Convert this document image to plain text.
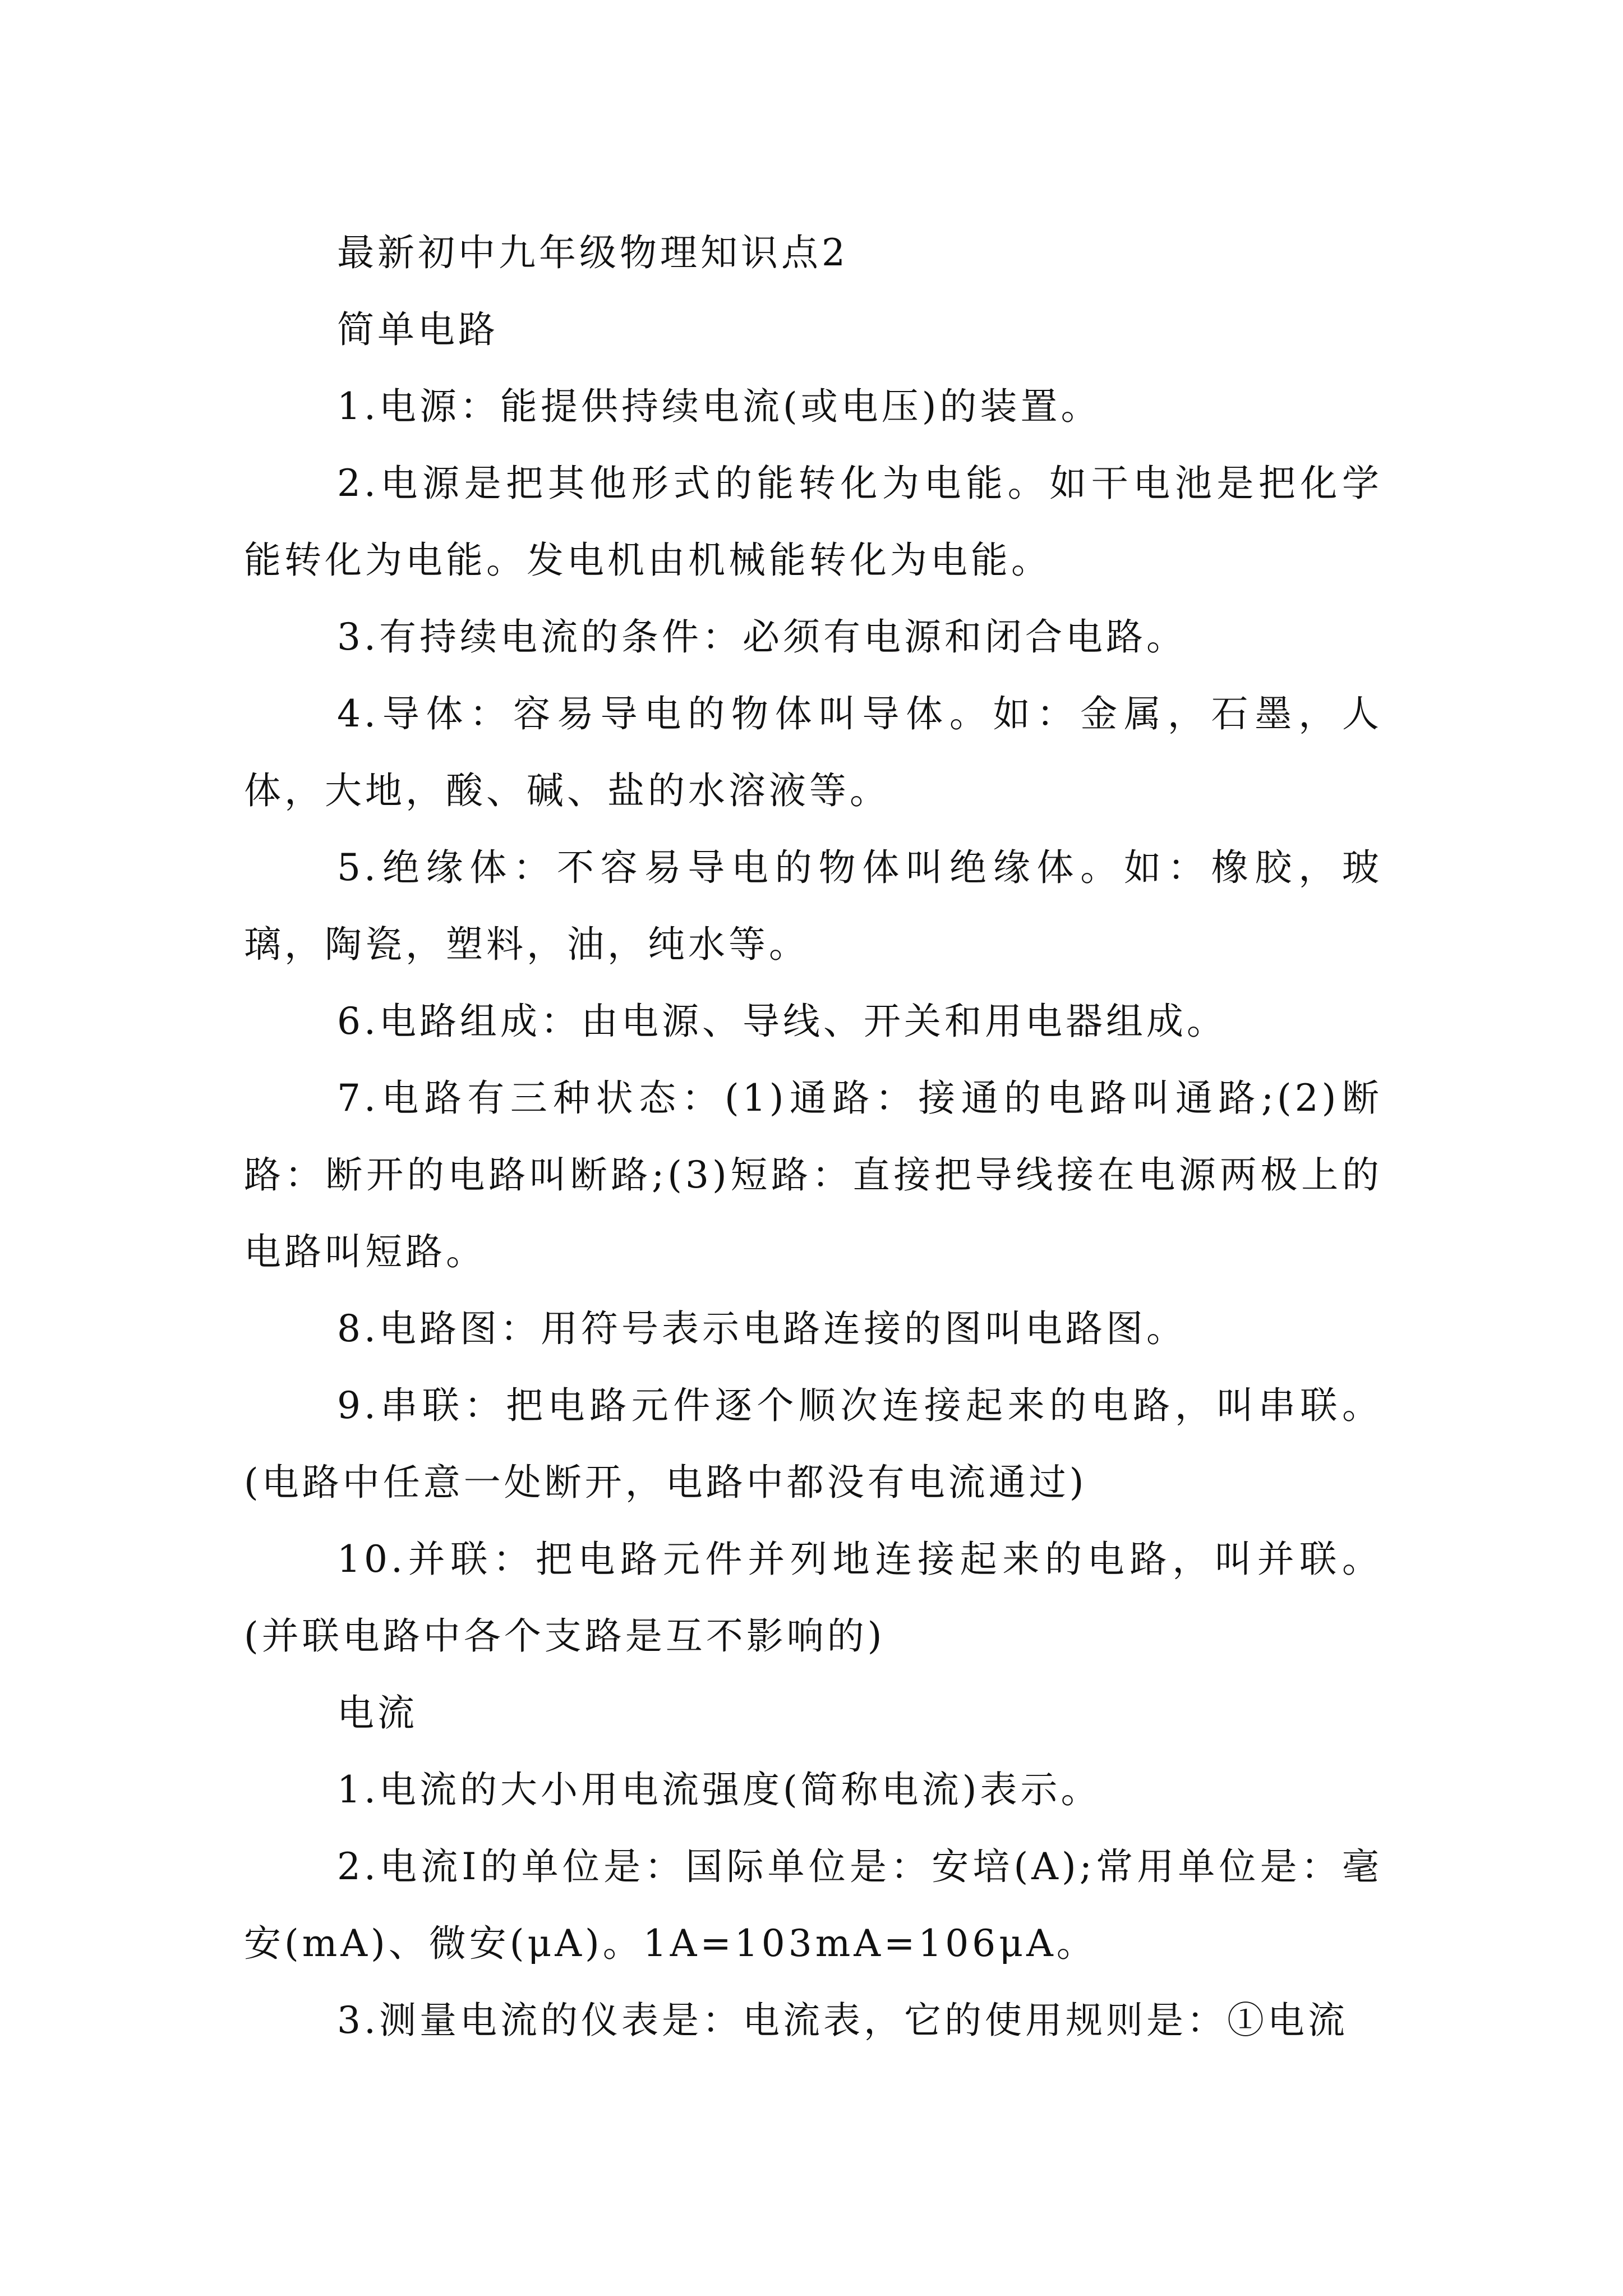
最新初中九年级物理知识点2

简单电路

1.电源：能提供持续电流(或电压)的装置。

2.电源是把其他形式的能转化为电能。如干电池是把化学能转化为电能。发电机由机械能转化为电能。

3.有持续电流的条件：必须有电源和闭合电路。

4.导体：容易导电的物体叫导体。如：金属，石墨，人体，大地，酸、碱、盐的水溶液等。

5.绝缘体：不容易导电的物体叫绝缘体。如：橡胶，玻璃，陶瓷，塑料，油，纯水等。

6.电路组成：由电源、导线、开关和用电器组成。

7.电路有三种状态：(1)通路：接通的电路叫通路;(2)断路：断开的电路叫断路;(3)短路：直接把导线接在电源两极上的电路叫短路。

8.电路图：用符号表示电路连接的图叫电路图。

9.串联：把电路元件逐个顺次连接起来的电路，叫串联。(电路中任意一处断开，电路中都没有电流通过)

10.并联：把电路元件并列地连接起来的电路，叫并联。(并联电路中各个支路是互不影响的)

电流

1.电流的大小用电流强度(简称电流)表示。

2.电流I的单位是：国际单位是：安培(A);常用单位是：毫安(mA)、微安(μA)。1A=103mA=106μA。

3.测量电流的仪表是：电流表，它的使用规则是：①电流
